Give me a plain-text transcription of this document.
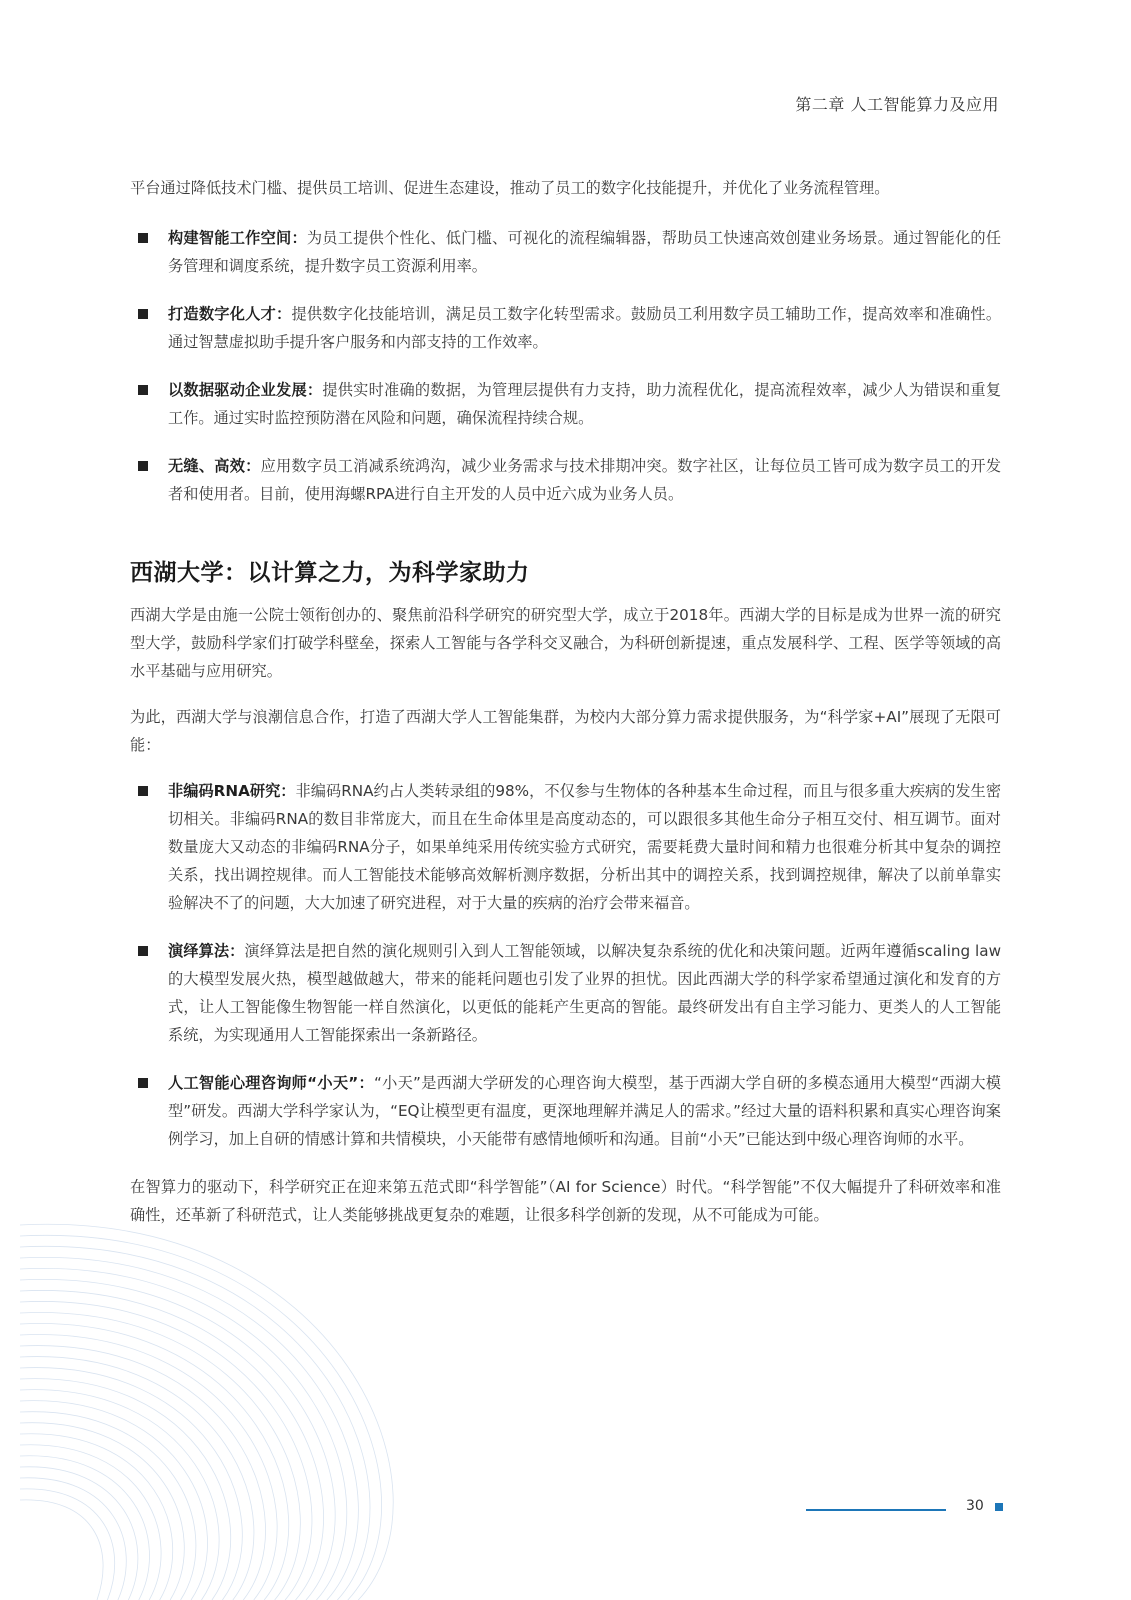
第二章 人工智能算力及应用

平台通过降低技术门槛、提供员工培训、促进生态建设，推动了员工的数字化技能提升，并优化了业务流程管理。

构建智能工作空间：为员工提供个性化、低门槛、可视化的流程编辑器，帮助员工快速高效创建业务场景。通过智能化的任务管理和调度系统，提升数字员工资源利用率。
打造数字化人才：提供数字化技能培训，满足员工数字化转型需求。鼓励员工利用数字员工辅助工作，提高效率和准确性。通过智慧虚拟助手提升客户服务和内部支持的工作效率。
以数据驱动企业发展：提供实时准确的数据，为管理层提供有力支持，助力流程优化，提高流程效率，减少人为错误和重复工作。通过实时监控预防潜在风险和问题，确保流程持续合规。
无缝、高效：应用数字员工消减系统鸿沟，减少业务需求与技术排期冲突。数字社区，让每位员工皆可成为数字员工的开发者和使用者。目前，使用海螺RPA进行自主开发的人员中近六成为业务人员。
西湖大学：以计算之力，为科学家助力

西湖大学是由施一公院士领衔创办的、聚焦前沿科学研究的研究型大学，成立于2018年。西湖大学的目标是成为世界一流的研究型大学，鼓励科学家们打破学科壁垒，探索人工智能与各学科交叉融合，为科研创新提速，重点发展科学、工程、医学等领域的高水平基础与应用研究。

为此，西湖大学与浪潮信息合作，打造了西湖大学人工智能集群，为校内大部分算力需求提供服务，为“科学家+AI”展现了无限可能：

非编码RNA研究：非编码RNA约占人类转录组的98%，不仅参与生物体的各种基本生命过程，而且与很多重大疾病的发生密切相关。非编码RNA的数目非常庞大，而且在生命体里是高度动态的，可以跟很多其他生命分子相互交付、相互调节。面对数量庞大又动态的非编码RNA分子，如果单纯采用传统实验方式研究，需要耗费大量时间和精力也很难分析其中复杂的调控关系，找出调控规律。而人工智能技术能够高效解析测序数据，分析出其中的调控关系，找到调控规律，解决了以前单靠实验解决不了的问题，大大加速了研究进程，对于大量的疾病的治疗会带来福音。
演绎算法：演绎算法是把自然的演化规则引入到人工智能领域，以解决复杂系统的优化和决策问题。近两年遵循scaling law的大模型发展火热，模型越做越大，带来的能耗问题也引发了业界的担忧。因此西湖大学的科学家希望通过演化和发育的方式，让人工智能像生物智能一样自然演化，以更低的能耗产生更高的智能。最终研发出有自主学习能力、更类人的人工智能系统，为实现通用人工智能探索出一条新路径。
人工智能心理咨询师“小天”：“小天”是西湖大学研发的心理咨询大模型，基于西湖大学自研的多模态通用大模型“西湖大模型”研发。西湖大学科学家认为，“EQ让模型更有温度，更深地理解并满足人的需求。”经过大量的语料积累和真实心理咨询案例学习，加上自研的情感计算和共情模块，小天能带有感情地倾听和沟通。目前“小天”已能达到中级心理咨询师的水平。

在智算力的驱动下，科学研究正在迎来第五范式即“科学智能”（AI for Science）时代。“科学智能”不仅大幅提升了科研效率和准确性，还革新了科研范式，让人类能够挑战更复杂的难题，让很多科学创新的发现，从不可能成为可能。

30
